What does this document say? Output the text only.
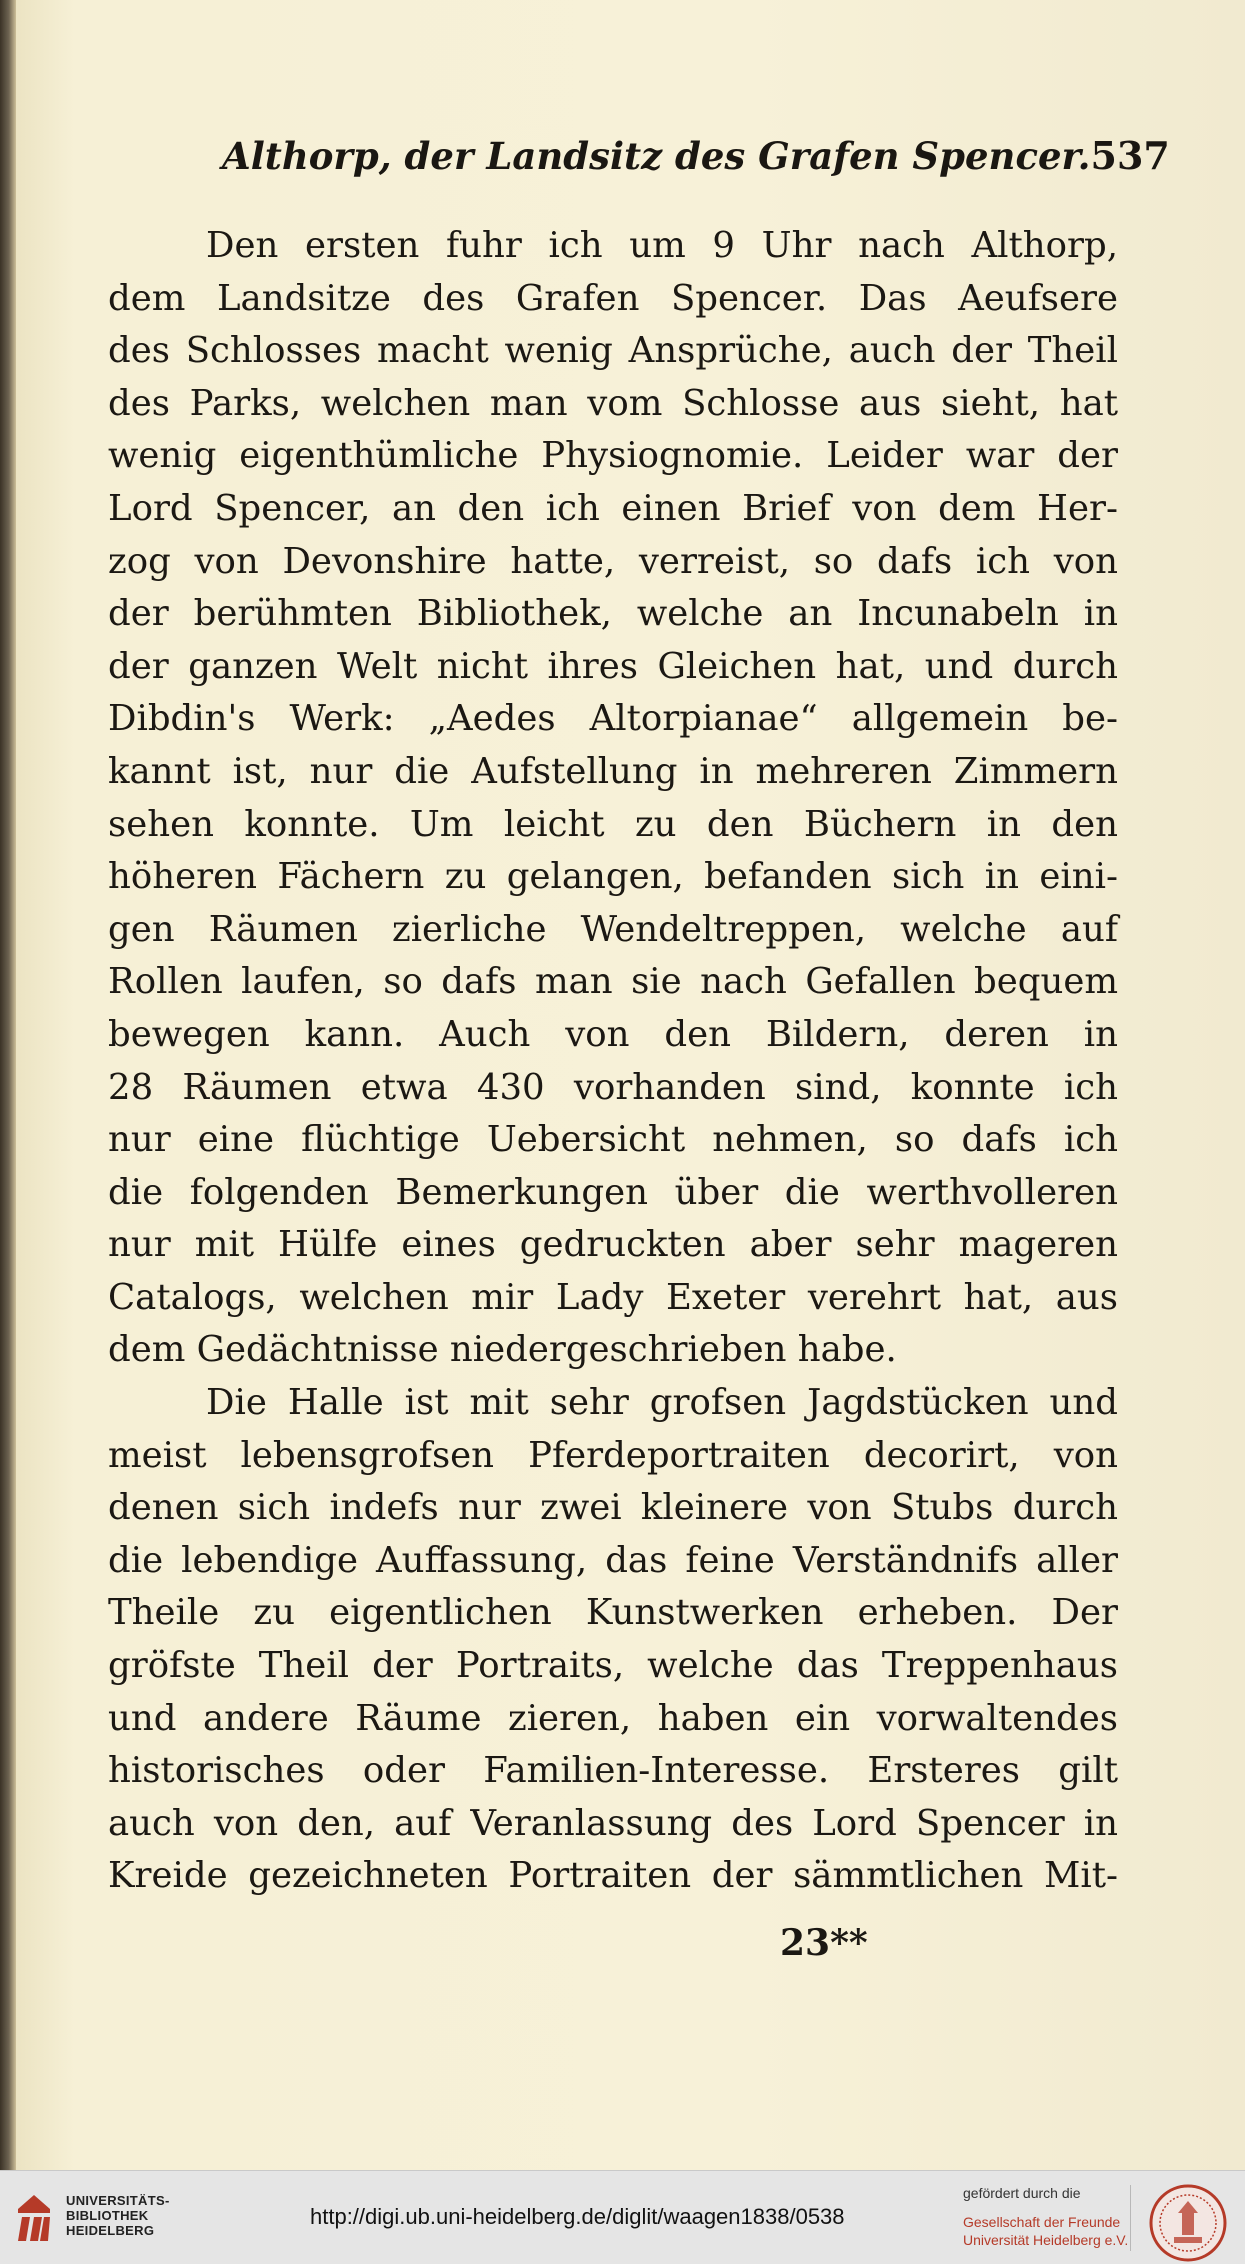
Althorp, der Landsitz des Grafen Spencer. 537
Den ersten fuhr ich um 9 Uhr nach Althorp,
dem Landsitze des Grafen Spencer. Das Aeufsere
des Schlosses macht wenig Ansprüche, auch der Theil
des Parks, welchen man vom Schlosse aus sieht, hat
wenig eigenthümliche Physiognomie. Leider war der
Lord Spencer, an den ich einen Brief von dem Her-
zog von Devonshire hatte, verreist, so dafs ich von
der berühmten Bibliothek, welche an Incunabeln in
der ganzen Welt nicht ihres Gleichen hat, und durch
Dibdin's Werk: „Aedes Altorpianae“ allgemein be-
kannt ist, nur die Aufstellung in mehreren Zimmern
sehen konnte. Um leicht zu den Büchern in den
höheren Fächern zu gelangen, befanden sich in eini-
gen Räumen zierliche Wendeltreppen, welche auf
Rollen laufen, so dafs man sie nach Gefallen bequem
bewegen kann. Auch von den Bildern, deren in
28 Räumen etwa 430 vorhanden sind, konnte ich
nur eine flüchtige Uebersicht nehmen, so dafs ich
die folgenden Bemerkungen über die werthvolleren
nur mit Hülfe eines gedruckten aber sehr mageren
Catalogs, welchen mir Lady Exeter verehrt hat, aus
dem Gedächtnisse niedergeschrieben habe.
Die Halle ist mit sehr grofsen Jagdstücken und
meist lebensgrofsen Pferdeportraiten decorirt, von
denen sich indefs nur zwei kleinere von Stubs durch
die lebendige Auffassung, das feine Verständnifs aller
Theile zu eigentlichen Kunstwerken erheben. Der
gröfste Theil der Portraits, welche das Treppenhaus
und andere Räume zieren, haben ein vorwaltendes
historisches oder Familien-Interesse. Ersteres gilt
auch von den, auf Veranlassung des Lord Spencer in
Kreide gezeichneten Portraiten der sämmtlichen Mit-
23**
UNIVERSITÄTS-
BIBLIOTHEK
HEIDELBERG
http://digi.ub.uni-heidelberg.de/diglit/waagen1838/0538
gefördert durch die
Gesellschaft der Freunde
Universität Heidelberg e.V.
